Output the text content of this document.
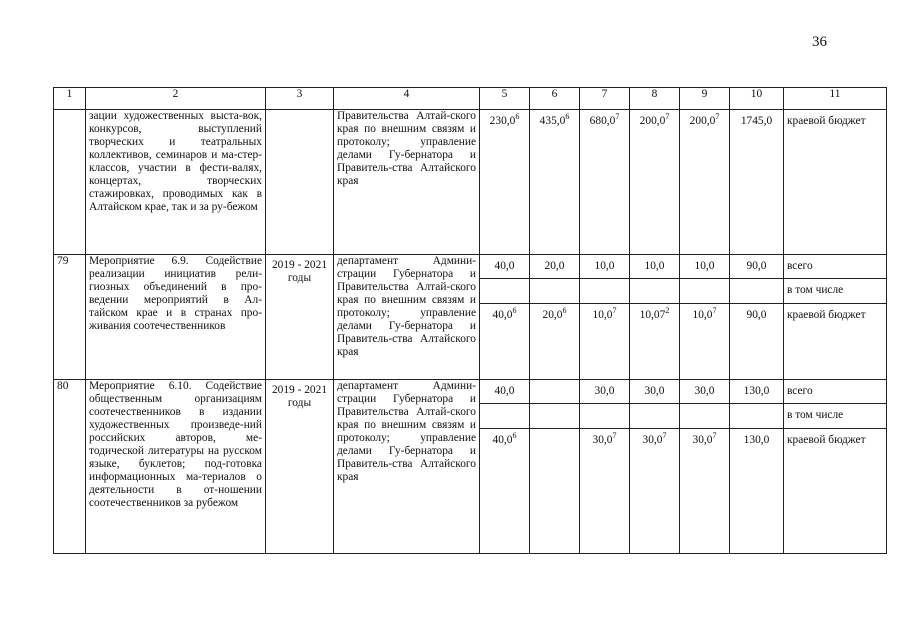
36
1	2	3	4	5	6	7	8	9	10	11
	зации художественных выста-вок, конкурсов, выступлений творческих и театральных коллективов, семинаров и ма-стер-классов, участии в фести-валях, концертах, творческих стажировках, проводимых как в Алтайском крае, так и за ру-бежом		Правительства Алтай-ского края по внешним связям и протоколу; управление делами Гу-бернатора и Правитель-ства Алтайского края	230,0$^6$	435,0$^6$	680,0$^7$	200,0$^7$	200,0$^7$	1745,0	краевой бюджет
79	Мероприятие 6.9. Содействие реализации инициатив рели-гиозных объединений в про-ведении мероприятий в Ал-тайском крае и в странах про-живания соотечественников	2019 - 2021 годы	департамент Админи-страции Губернатора и Правительства Алтай-ского края по внешним связям и протоколу; управление делами Гу-бернатора и Правитель-ства Алтайского края	40,0	20,0	10,0	10,0	10,0	90,0	всего
										в том числе
				40,0$^6$	20,0$^6$	10,0$^7$	10,07$^2$	10,0$^7$	90,0	краевой бюджет
80	Мероприятие 6.10. Содействие общественным организациям соотечественников в издании художественных произведе-ний российских авторов, ме-тодической литературы на русском языке, буклетов; под-готовка информационных ма-териалов о деятельности в от-ношении соотечественников за рубежом	2019 - 2021 годы	департамент Админи-страции Губернатора и Правительства Алтай-ского края по внешним связям и протоколу; управление делами Гу-бернатора и Правитель-ства Алтайского края	40,0		30,0	30,0	30,0	130,0	всего
										в том числе
				40,0$^6$		30,0$^7$	30,0$^7$	30,0$^7$	130,0	краевой бюджет
